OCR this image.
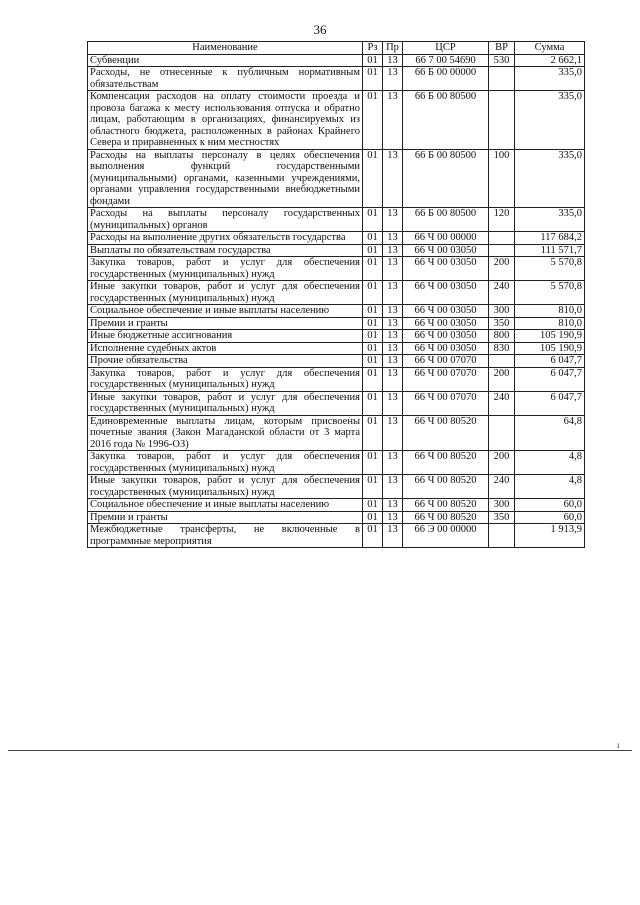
36
Наименование	Рз	Пр	ЦСР	ВР	Сумма
Субвенции	01	13	66 7 00 54690	530	2 662,1
Расходы, не отнесенные к публичным нормативным обязательствам	01	13	66 Б 00 00000		335,0
Компенсация расходов на оплату стоимости проезда и провоза багажа к месту использования отпуска и обратно лицам, работающим в организациях, финансируемых из областного бюджета, расположенных в районах Крайнего Севера и приравненных к ним местностях	01	13	66 Б 00 80500		335,0
Расходы на выплаты персоналу в целях обеспечения выполнения функций государственными (муниципальными) органами, казенными учреждениями, органами управления государственными внебюджетными фондами	01	13	66 Б 00 80500	100	335,0
Расходы на выплаты персоналу государственных (муниципальных) органов	01	13	66 Б 00 80500	120	335,0
Расходы на выполнение других обязательств государства	01	13	66 Ч 00 00000		117 684,2
Выплаты по обязательствам государства	01	13	66 Ч 00 03050		111 571,7
Закупка товаров, работ и услуг для обеспечения государственных (муниципальных) нужд	01	13	66 Ч 00 03050	200	5 570,8
Иные закупки товаров, работ и услуг для обеспечения государственных (муниципальных) нужд	01	13	66 Ч 00 03050	240	5 570,8
Социальное обеспечение и иные выплаты населению	01	13	66 Ч 00 03050	300	810,0
Премии и гранты	01	13	66 Ч 00 03050	350	810,0
Иные бюджетные ассигнования	01	13	66 Ч 00 03050	800	105 190,9
Исполнение судебных актов	01	13	66 Ч 00 03050	830	105 190,9
Прочие обязательства	01	13	66 Ч 00 07070		6 047,7
Закупка товаров, работ и услуг для обеспечения государственных (муниципальных) нужд	01	13	66 Ч 00 07070	200	6 047,7
Иные закупки товаров, работ и услуг для обеспечения государственных (муниципальных) нужд	01	13	66 Ч 00 07070	240	6 047,7
Единовременные выплаты лицам, которым присвоены почетные звания (Закон Магаданской области от 3 марта 2016 года № 1996-ОЗ)	01	13	66 Ч 00 80520		64,8
Закупка товаров, работ и услуг для обеспечения государственных (муниципальных) нужд	01	13	66 Ч 00 80520	200	4,8
Иные закупки товаров, работ и услуг для обеспечения государственных (муниципальных) нужд	01	13	66 Ч 00 80520	240	4,8
Социальное обеспечение и иные выплаты населению	01	13	66 Ч 00 80520	300	60,0
Премии и гранты	01	13	66 Ч 00 80520	350	60,0
Межбюджетные трансферты, не включенные в программные мероприятия	01	13	66 Э 00 00000		1 913,9
ı
